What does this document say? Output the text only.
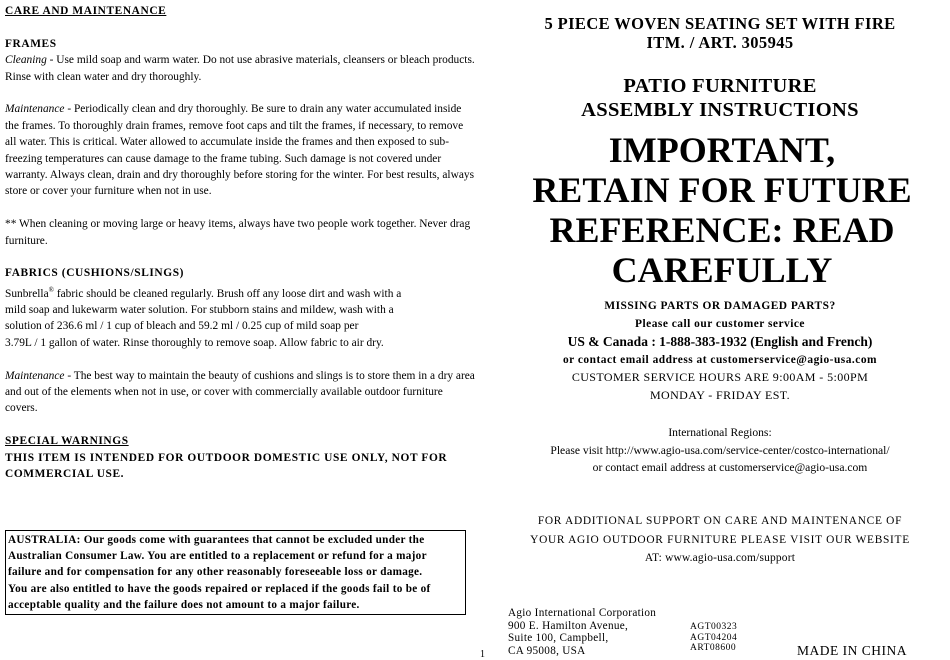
CARE AND MAINTENANCE

FRAMES

Cleaning - Use mild soap and warm water. Do not use abrasive materials, cleansers or bleach products. Rinse with clean water and dry thoroughly.

Maintenance - Periodically clean and dry thoroughly. Be sure to drain any water accumulated inside the frames. To thoroughly drain frames, remove foot caps and tilt the frames, if necessary, to remove all water. This is critical. Water allowed to accumulate inside the frames and then exposed to sub-freezing temperatures can cause damage to the frame tubing. Such damage is not covered under warranty. Always clean, drain and dry thoroughly before storing for the winter. For best results, always store or cover your furniture when not in use.

** When cleaning or moving large or heavy items, always have two people work together. Never drag furniture.

FABRICS (CUSHIONS/SLINGS)

Sunbrella® fabric should be cleaned regularly. Brush off any loose dirt and wash with a
mild soap and lukewarm water solution. For stubborn stains and mildew, wash with a
solution of 236.6 ml / 1 cup of bleach and 59.2 ml / 0.25 cup of mild soap per
3.79L / 1 gallon of water. Rinse thoroughly to remove soap. Allow fabric to air dry.

Maintenance - The best way to maintain the beauty of cushions and slings is to store them in a dry area and out of the elements when not in use, or cover with commercially available outdoor furniture covers.

SPECIAL WARNINGS

THIS ITEM IS INTENDED FOR OUTDOOR DOMESTIC USE ONLY, NOT FOR COMMERCIAL USE.

AUSTRALIA: Our goods come with guarantees that cannot be excluded under the
Australian Consumer Law. You are entitled to a replacement or refund for a major
failure and for compensation for any other reasonably foreseeable loss or damage.
You are also entitled to have the goods repaired or replaced if the goods fail to be of
acceptable quality and the failure does not amount to a major failure.
5 PIECE WOVEN SEATING SET WITH FIRE
ITM. / ART. 305945
PATIO FURNITURE
ASSEMBLY INSTRUCTIONS
IMPORTANT,
RETAIN FOR FUTURE
REFERENCE: READ
CAREFULLY
MISSING PARTS OR DAMAGED PARTS?
Please call our customer service
US & Canada : 1-888-383-1932 (English and French)
or contact email address at customerservice@agio-usa.com
CUSTOMER SERVICE HOURS ARE 9:00AM - 5:00PM
MONDAY - FRIDAY EST.
International Regions:
Please visit http://www.agio-usa.com/service-center/costco-international/
or contact email address at customerservice@agio-usa.com
FOR ADDITIONAL SUPPORT ON CARE AND MAINTENANCE OF
YOUR AGIO OUTDOOR FURNITURE PLEASE VISIT OUR WEBSITE
AT: www.agio-usa.com/support
Agio International Corporation
900 E. Hamilton Avenue,
Suite 100, Campbell,
CA 95008, USA
AGT00323
AGT04204
ART08600	MADE IN CHINA
1
